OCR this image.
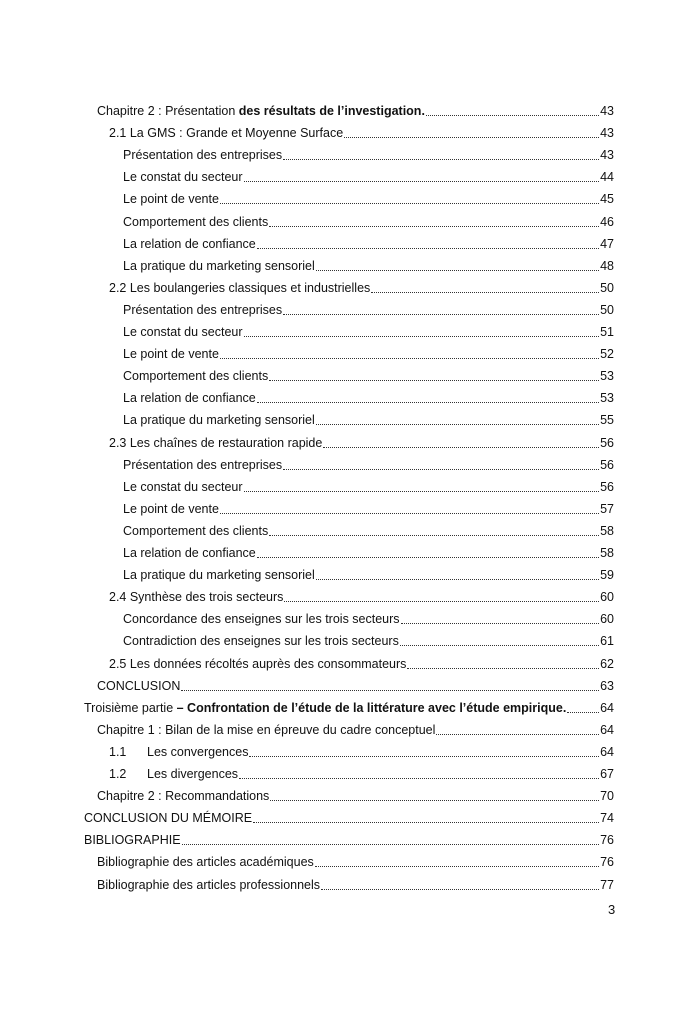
Chapitre 2 : Présentation des résultats de l’investigation.	43
2.1 La GMS : Grande et Moyenne Surface	43
Présentation des entreprises	43
Le constat du secteur	44
Le point de vente	45
Comportement des clients	46
La relation de confiance	47
La pratique du marketing sensoriel	48
2.2 Les boulangeries classiques et industrielles	50
Présentation des entreprises	50
Le constat du secteur	51
Le point de vente	52
Comportement des clients	53
La relation de confiance	53
La pratique du marketing sensoriel	55
2.3 Les chaînes de restauration rapide	56
Présentation des entreprises	56
Le constat du secteur	56
Le point de vente	57
Comportement des clients	58
La relation de confiance	58
La pratique du marketing sensoriel	59
2.4 Synthèse des trois secteurs	60
Concordance des enseignes sur les trois secteurs	60
Contradiction des enseignes sur les trois secteurs	61
2.5 Les données récoltés auprès des consommateurs	62
CONCLUSION	63
Troisième partie – Confrontation de l’étude de la littérature avec l’étude empirique.	64
Chapitre 1 : Bilan de la mise en épreuve du cadre conceptuel	64
1.1 Les convergences	64
1.2 Les divergences	67
Chapitre 2 : Recommandations	70
CONCLUSION DU MÉMOIRE	74
BIBLIOGRAPHIE	76
Bibliographie des articles académiques	76
Bibliographie des articles professionnels	77
3
